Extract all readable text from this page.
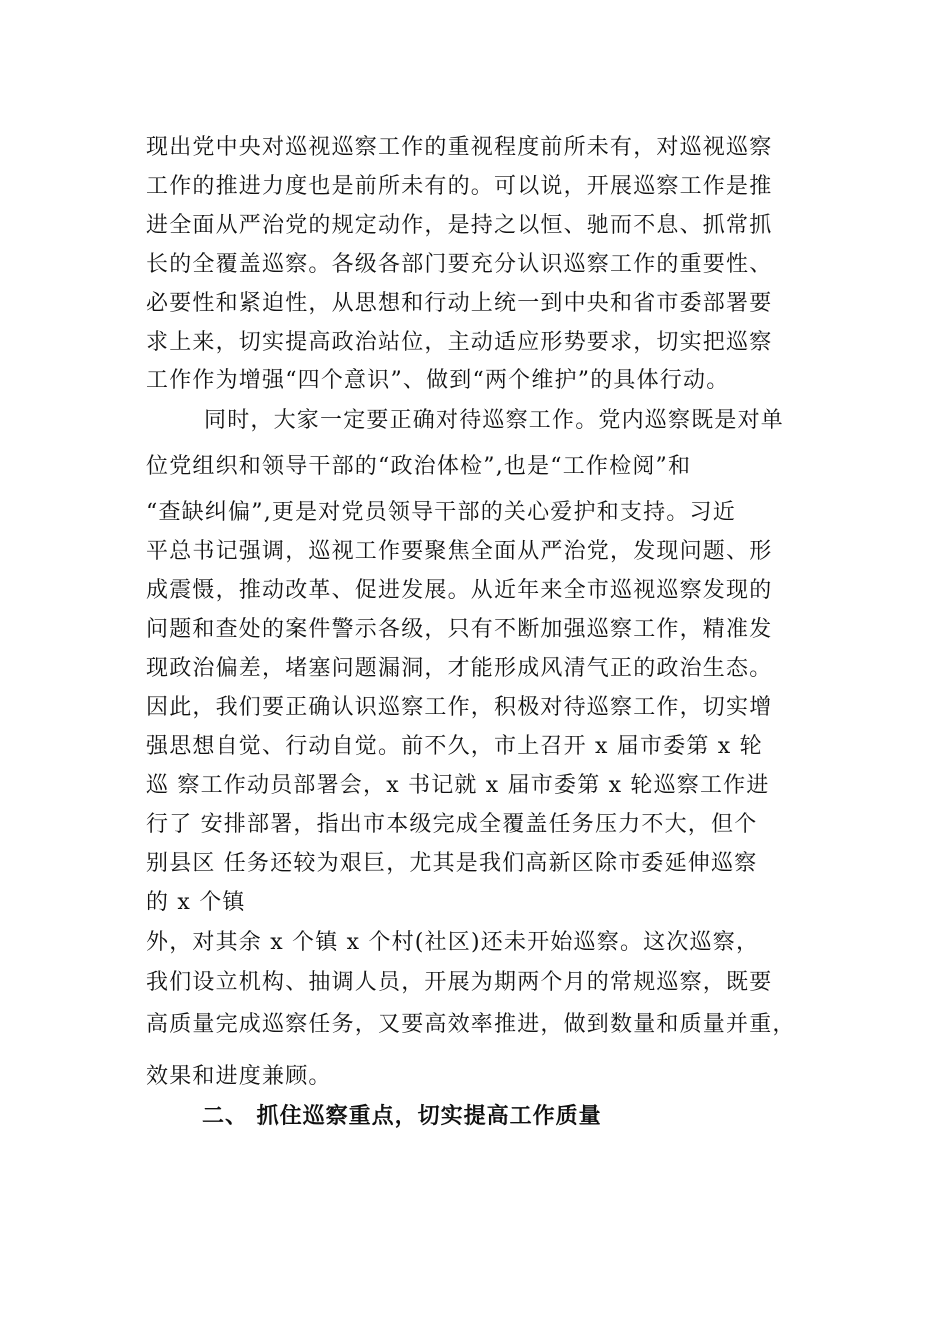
现出党中央对巡视巡察工作的重视程度前所未有，对巡视巡察
工作的推进力度也是前所未有的。可以说，开展巡察工作是推
进全面从严治党的规定动作，是持之以恒、驰而不息、抓常抓
长的全覆盖巡察。各级各部门要充分认识巡察工作的重要性、
必要性和紧迫性，从思想和行动上统一到中央和省市委部署要
求上来，切实提高政治站位，主动适应形势要求，切实把巡察
工作作为增强“四个意识”、做到“两个维护”的具体行动。
同时，大家一定要正确对待巡察工作。党内巡察既是对单
位党组织和领导干部的“政治体检”,也是“工作检阅”和
“查缺纠偏”,更是对党员领导干部的关心爱护和支持。习近
平总书记强调，巡视工作要聚焦全面从严治党，发现问题、形
成震慑，推动改革、促进发展。从近年来全市巡视巡察发现的
问题和查处的案件警示各级，只有不断加强巡察工作，精准发
现政治偏差，堵塞问题漏洞，才能形成风清气正的政治生态。
因此，我们要正确认识巡察工作，积极对待巡察工作，切实增
强思想自觉、行动自觉。前不久，市上召开 x 届市委第 x 轮
巡 察工作动员部署会，x 书记就 x 届市委第 x 轮巡察工作进
行了 安排部署，指出市本级完成全覆盖任务压力不大，但个
别县区 任务还较为艰巨，尤其是我们高新区除市委延伸巡察
的 x 个镇
外，对其余 x 个镇 x 个村(社区)还未开始巡察。这次巡察，
我们设立机构、抽调人员，开展为期两个月的常规巡察，既要
高质量完成巡察任务，又要高效率推进，做到数量和质量并重，
效果和进度兼顾。
二、 抓住巡察重点，切实提高工作质量
